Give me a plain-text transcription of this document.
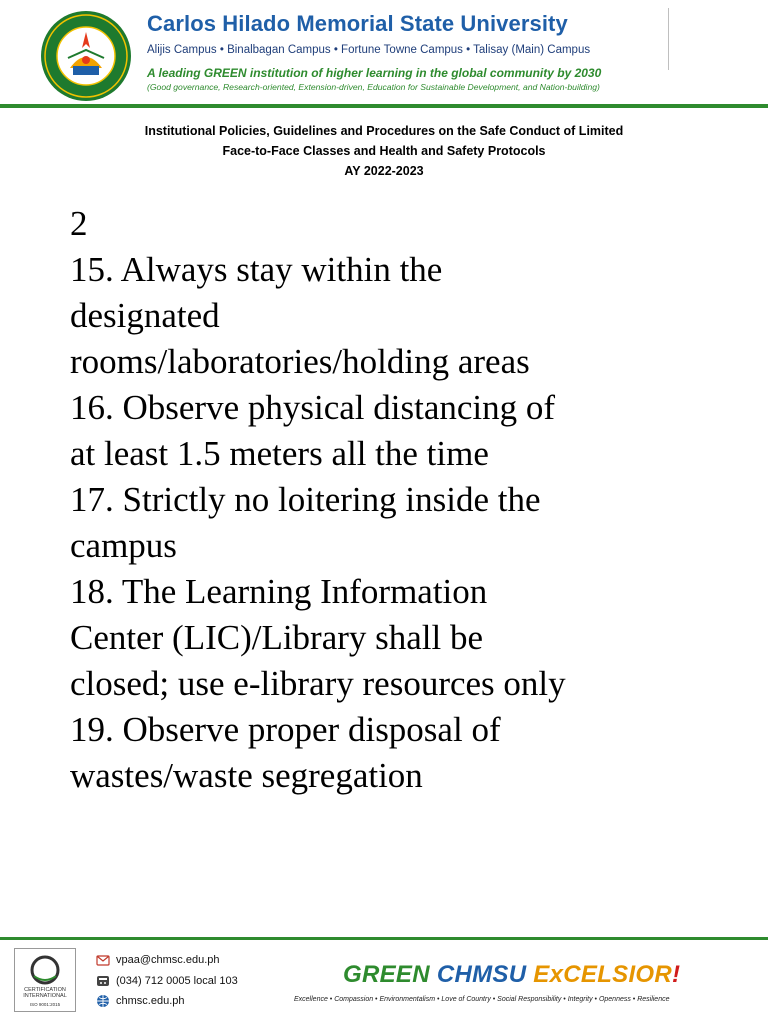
Carlos Hilado Memorial State University
Alijis Campus • Binalbagan Campus • Fortune Towne Campus • Talisay (Main) Campus
A leading GREEN institution of higher learning in the global community by 2030
(Good governance, Research-oriented, Extension-driven, Education for Sustainable Development, and Nation-building)
Institutional Policies, Guidelines and Procedures on the Safe Conduct of Limited
Face-to-Face Classes and Health and Safety Protocols
AY 2022-2023
2
15. Always stay within the
designated
rooms/laboratories/holding areas
16. Observe physical distancing of
at least 1.5 meters all the time
17. Strictly no loitering inside the
campus
18. The Learning Information
Center (LIC)/Library shall be
closed; use e-library resources only
19. Observe proper disposal of
wastes/waste segregation
CERTIFICATION INTERNATIONAL
ISO 9001:2015
vpaa@chmsc.edu.ph
(034) 712 0005 local 103
chmsc.edu.ph
GREEN CHMSU ExCELSIOR!
Excellence • Compassion • Environmentalism • Love of Country • Social Responsibility • Integrity • Openness • Resilience
